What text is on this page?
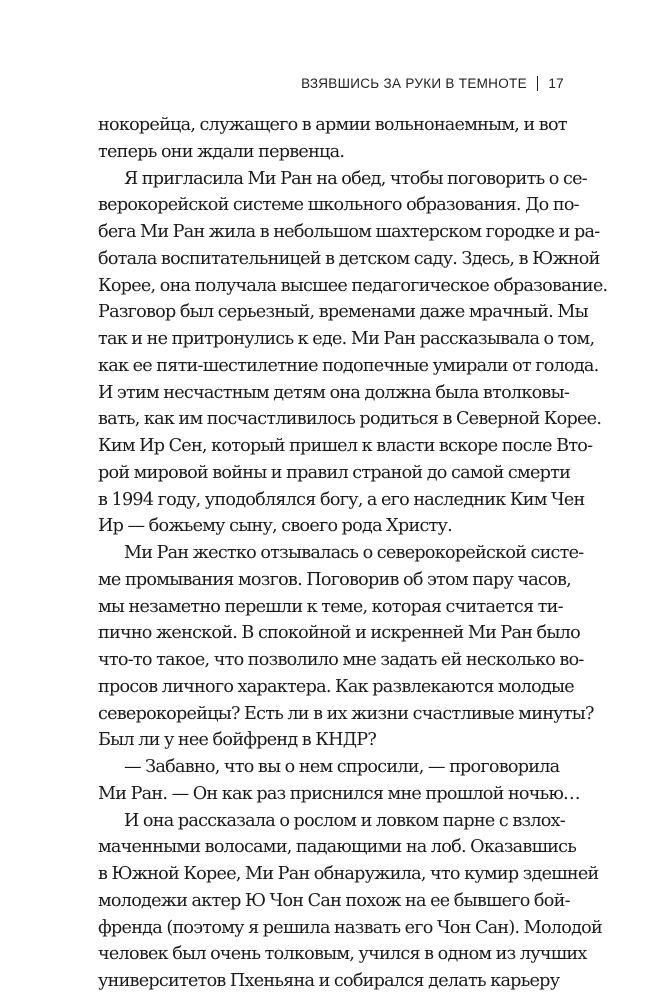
ВЗЯВШИСЬ ЗА РУКИ В ТЕМНОТЕ 17
нокорейца, служащего в армии вольнонаемным, и вот
теперь они ждали первенца.
Я пригласила Ми Ран на обед, чтобы поговорить о се-
верокорейской системе школьного образования. До по-
бега Ми Ран жила в небольшом шахтерском городке и ра-
ботала воспитательницей в детском саду. Здесь, в Южной
Корее, она получала высшее педагогическое образование.
Разговор был серьезный, временами даже мрачный. Мы
так и не притронулись к еде. Ми Ран рассказывала о том,
как ее пяти-шестилетние подопечные умирали от голода.
И этим несчастным детям она должна была втолковы-
вать, как им посчастливилось родиться в Северной Корее.
Ким Ир Сен, который пришел к власти вскоре после Вто-
рой мировой войны и правил страной до самой смерти
в 1994 году, уподоблялся богу, а его наследник Ким Чен
Ир — божьему сыну, своего рода Христу.
Ми Ран жестко отзывалась о северокорейской систе-
ме промывания мозгов. Поговорив об этом пару часов,
мы незаметно перешли к теме, которая считается ти-
пично женской. В спокойной и искренней Ми Ран было
что-то такое, что позволило мне задать ей несколько во-
просов личного характера. Как развлекаются молодые
северокорейцы? Есть ли в их жизни счастливые минуты?
Был ли у нее бойфренд в КНДР?
— Забавно, что вы о нем спросили, — проговорила
Ми Ран. — Он как раз приснился мне прошлой ночью…
И она рассказала о рослом и ловком парне с взлох-
маченными волосами, падающими на лоб. Оказавшись
в Южной Корее, Ми Ран обнаружила, что кумир здешней
молодежи актер Ю Чон Сан похож на ее бывшего бой-
френда (поэтому я решила назвать его Чон Сан). Молодой
человек был очень толковым, учился в одном из лучших
университетов Пхеньяна и собирался делать карьеру
